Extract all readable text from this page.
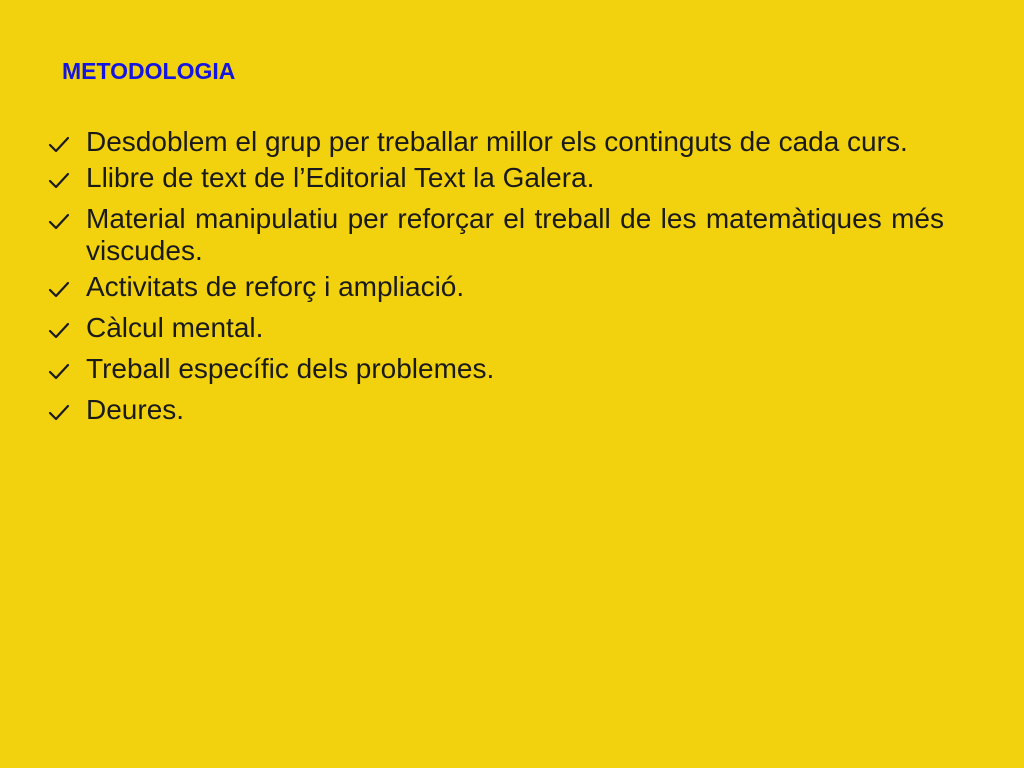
METODOLOGIA
Desdoblem el grup per treballar millor els continguts de cada curs.
Llibre de text de l’Editorial Text la Galera.
Material manipulatiu per reforçar el treball de les matemàtiques més viscudes.
Activitats de reforç i ampliació.
Càlcul mental.
Treball específic dels problemes.
Deures.
